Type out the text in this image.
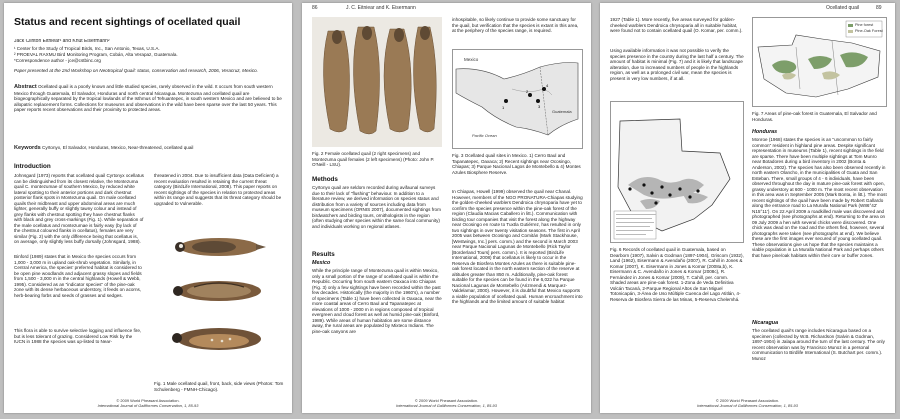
Status and recent sightings of ocellated quail
Jack Clinton Eitniear¹ and Knut Eisermann²
¹ Center for the Study of Tropical Birds, Inc., San Antonio, Texas, U.S.A.
² PROEVAL RAXMU Bird Monitoring Program, Cobán, Alta Verapaz, Guatemala.
*Correspondence author - jce@cstbinc.org
Paper presented at the 2nd Workshop on Neotropical Quail: status, conservation and research, 2006, Veracruz, Mexico.
Abstract Ocellated quail is a poorly known and little studied species, rarely observed in the wild. It occurs from south western Mexico through Guatemala, El Salvador, Honduras and north central Nicaragua. Montezuma and ocellated quail are biogeographically separated by the tropical lowlands of the Isthmus of Tehuantepec, in south western Mexico and are believed to be allopatric replacement forms. Collections for museums and observations in the wild have been sparse over the last 50 years. This paper reports recent observations and their proximity to protected areas.
Keywords Cyrtonyx, El Salvador, Honduras, Mexico, Near-threatened, ocellated quail
Introduction
Johnsgard (1973) reports that ocellated quail Cyrtonyx ocellatus can be distinguished from its closest relative, the Montezuma quail C. montezumae of southern Mexico, by reduced white lateral spotting to their anterior portions and dark chestnut posterior flank spots in Montezuma quail. On male ocellated quails their midbreast and upper abdominal areas are much lighter, generally buffy or slightly tawny colour and instead of grey flanks with chestnut spotting they have chestnut flanks with black and grey cross-markings (Fig. 1). While separation of the male ocellatus and montezumae is fairly easy (by lack of the chestnut coloured flanks in ocellatus), females are very similar (Fig. 2) with the only difference being that ocellatus is, on average, only slightly less buffy dorsally (Johnsgard, 1988).
Binford (1989) states that in Mexico the species occurs from 1,000 - 3,000 m in upland oak-shrub vegetation. Similarly, in Central America, the species' preferred habitat is considered to be open pine woodlands and adjacent grassy slopes and fields from 1,500 - 3,000 m in the central highlands (Howell & Webb, 1995). Considered as an "indicator species" of the pine-oak zone with its dense herbaceous understory, it feeds on acorns, herb-bearing forbs and seeds of grasses and sedges.
This flora is able to survive selective logging and influence fire, but is less tolerant of grazing. Considered Low Risk by the IUCN in 1988 the species was up-listed to Near-
threatened in 2004. Due to insufficient data (Data Deficient) a recent evaluation resulted in retaining the current threat category (BirdLife International, 2008). This paper reports on recent sightings of the species in relation to protected areas within its range and suggests that its threat category should be upgraded to Vulnerable.
Fig. 1 Male ocellated quail, front, back, side views (Photos: Tom Schulenberg - FMNH-Chicago).
© 2009 World Pheasant Association.
International Journal of Galliformes Conservation, 1, 85-93
86	J. C. Eitniear and K. Eisermann
Fig. 2 Female ocellated quail (2 right specimens) and Montezuma quail females (2 left specimens) (Photo: John P. O'Neill - LSU).
Methods
Cyrtonyx quail are seldom recorded during avifaunal surveys due to their lack of "flushing" behaviour. In addition to a literature review, we derived information on species status and distribution from a variety of sources including data from museum specimens (ORNIS 2007), documented sightings from birdwatchers and birding tours, ornithologists in the region (often studying other species within the same focal community) and individuals working on regional atlases.
Results
Mexico
While the principle range of Montezuma quail is within Mexico, only a small portion of the range of ocellated quail is within the Republic. Occurring from south eastern Oaxaca into Chiapas (Fig. 3) only a few sightings have been recorded within the past few decades. Historically (the majority in the 1960's), a number of specimens (Table 1) have been collected in Oaxaca, near the more coastal areas of Cerro Baul and Tapanatepec at elevations of 1000 - 2000 m in regions composed of tropical evergreen and cloud forest as well as humid pine-oak (Binford, 1989). While areas of human habitation are some distance away, the rural areas are populated by Mixteco Indians. The pine-oak canyons are
inhospitable, so likely continue to provide some sanctuary for the quail, but verification that the species is extant in this area, at the periphery of the species range, is required.
1
2
3
4
Mexico
Guatemala
Pacific Ocean
Fig. 3 Ocellated quail sites in Mexico. 1) Cerro Baul and Tapanatepec, Oaxaca; 2) Recent sightings near Ocosingo, Chiapas; 3) Parque Nacional Lagos de Montebello & 4) Montes Azules Biosphere Reserve.
In Chiapas, Howell (1999) observed the quail near Chanal. However, members of the NGO PRONATURA-Chiapas studying the golden-cheeked warblers Dendroica chrysoparia have yet to confirm the species presence within the pine-oak forest of the region (Claudia Macias Caballero in litt.). Communication with birding tour companies that visit the forest along the highway near Ocosingo en route to Tuxtla Gutiérrez, has resulted in only two sightings in over twenty visitation seasons. The first in April 2005 was between Ocosingo and Comitán (Mark Stackhouse, [Westwings, Inc.] pers. comm.) and the second in March 2003 near Parque Nacional Lagunas de Montebello (Rick Taylor [Borderland Tours] pers. comm.). It is reported (BirdLife International, 2008) that ocellatus is likely to occur in the Reserva de Biosfera Montes Azules as there is suitable pine-oak forest located in the north eastern section of the reserve at altitudes greater than 850 m. Additionally, pine-oak forest suitable for the species can be found in the 6,022 ha Parque Nacional Lagunas de Montebello (Arizmendi & Marquez-Valdelamar, 2000). However, it is doubtful that Mexico supports a viable population of ocellated quail. Human encroachment into the highlands and the limited amount of suitable habitat
© 2009 World Pheasant Association.
International Journal of Galliformes Conservation, 1, 85-93
Ocellated quail	89
1927 (Table 1). More recently, five areas surveyed for golden-cheeked warblers Dendroica chrysoparia all in suitable habitat, were found not to contain ocellated quail (O. Komar, per. comm.).
Using available information it was not possible to verify the species presence in the country during the last half a century. The amount of habitat is minimal (Fig. 7) and it is likely that landscape alteration, due to increased numbers of people in the highlands region, as well as a prolonged civil war, mean the species is present in very low numbers, if at all.
Fig. 6 Records of ocellated quail in Guatemala, based on Dearborn (1907), Salvin & Godman (1897-1904), Griscom (1932), Land (1962), Eisermann & Avendaño (2007), R. Cahill in Jones & Komar (2007), K. Eisermann in Jones & Komar (2008a,b), K. Eisermann & C. Avendaño in Jones & Komar (2008c), R. Fernández in Jones & Komar (2009), T. Cahill, per. comm. Shaded areas are pine-oak forest. 1-Zona de Veda Definitiva Volcán Tacaná, 2-Parque Regional Altos de San Miguel Totonicapán, 3-Área de Uso Múltiple Cuenca del Lago Atitlán, 4-Reserva de Biosfera Sierra de las Minas, 5-Reserva Chelemhá.
Pine forest
Pine-Oak Forest
Fig. 7 Areas of pine-oak forest in Guatemala, El Salvador and Honduras.
Honduras
Monroe (1968) states the species is an "uncommon to fairly common" resident in highland pine areas. Despite significant representation in museums (Table 1), recent sightings in the field are sparse. There have been multiple sightings at Tom Munro near Botadores during a bird inventory in 2002 (Bonta & Anderson, 2002). The species has also been observed recently in north eastern Olancho, in the municipalities of Guata and San Esteban. There, small groups of 4 - 6 individuals, have been observed throughout the day in mature pine-oak forest with open, grassy understory at 600 - 1000 m. The most recent observation in this area was in September 2005 (Mark Bonta, in litt.). The most recent sightings of the quail have been made by Robert Gallardo along the entrance road to La Muralla National Park (W86°42' N15°11'). On 22 April 2009 a roadkilled male was discovered and photographed (see photographs at end). Returning to the area on 09 July 2009 a hen with several chicks were discovered. One chick was dead on the road and the others fled, however, several photographs were taken (see photographs at end). We believe these are the first images ever secured of young ocellated quail. These observations give us hope that the species maintains a viable population in La Muralla National Park and perhaps others that have pine/oak habitats within their core or buffer zones.
Nicaragua
The ocellated quail's range includes Nicaragua based on a specimen (collected by W.B. Richardson (Salvin & Godman, 1897-1904) in Jalapa around the turn of the last century. The only recent observation was by Francisco Munoz in a personal communication to Birdlife International (S. Butchart per. comm.). Munoz
© 2009 World Pheasant Association.
International Journal of Galliformes Conservation, 1, 85-93
